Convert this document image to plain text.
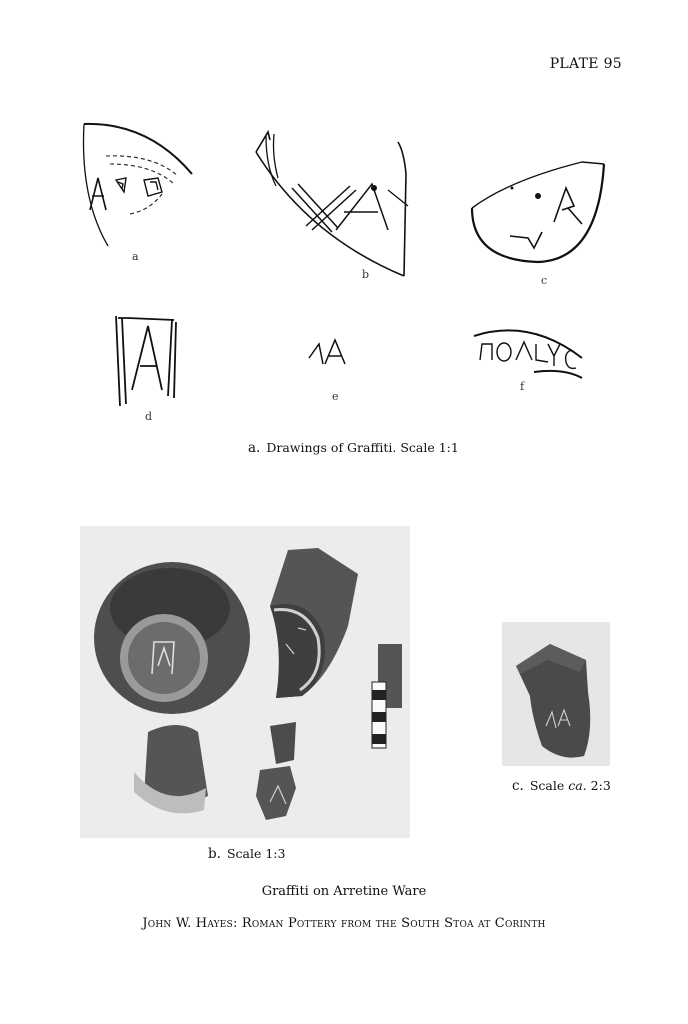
PLATE 95
a
b	c
d
e
f
a. Drawings of Graffiti. Scale 1:1
b. Scale 1:3
c. Scale ca. 2:3
Graffiti on Arretine Ware
John W. Hayes: Roman Pottery from the South Stoa at Corinth
